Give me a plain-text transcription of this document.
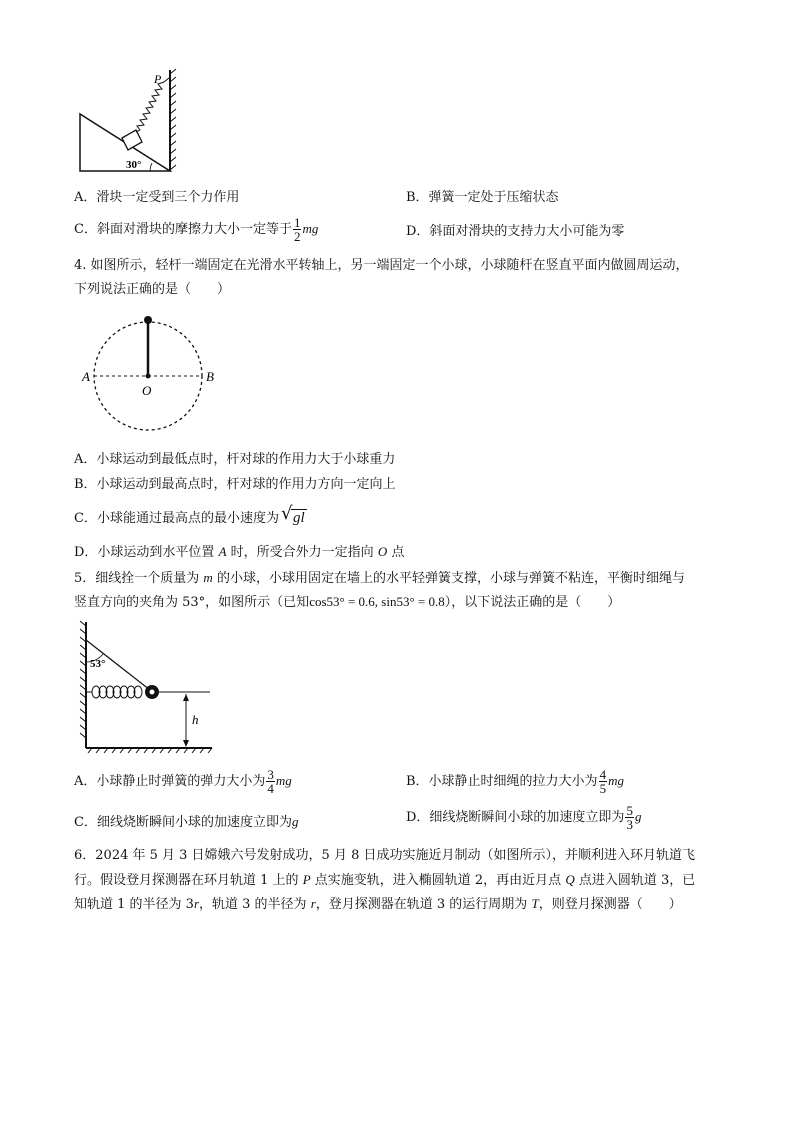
P
30°
A．滑块一定受到三个力作用	B．弹簧一定处于压缩状态
C．斜面对滑块的摩擦力大小一定等于 $\frac{1}{2}$ mg	D．斜面对滑块的支持力大小可能为零
4. 如图所示，轻杆一端固定在光滑水平转轴上，另一端固定一个小球，小球随杆在竖直平面内做圆周运动，
下列说法正确的是（　　）
A
O
B
A．小球运动到最低点时，杆对球的作用力大于小球重力
B．小球运动到最高点时，杆对球的作用力方向一定向上
C．小球能通过最高点的最小速度为 √ gl
D．小球运动到水平位置 A 时，所受合外力一定指向 O 点
5．细线拴一个质量为 m 的小球，小球用固定在墙上的水平轻弹簧支撑，小球与弹簧不粘连，平衡时细绳与
竖直方向的夹角为 53°，如图所示（已知cos53° = 0.6, sin53° = 0.8），以下说法正确的是（　　）
53°
h
A．小球静止时弹簧的弹力大小为 $\frac{3}{4}$ mg	B．小球静止时细绳的拉力大小为 $\frac{4}{5}$ mg
C．细线烧断瞬间小球的加速度立即为g	D．细线烧断瞬间小球的加速度立即为 $\frac{5}{3}$ g
6．2024 年 5 月 3 日嫦娥六号发射成功，5 月 8 日成功实施近月制动（如图所示），并顺利进入环月轨道飞
行。假设登月探测器在环月轨道 1 上的 P 点实施变轨，进入椭圆轨道 2，再由近月点 Q 点进入圆轨道 3，已
知轨道 1 的半径为 3r，轨道 3 的半径为 r，登月探测器在轨道 3 的运行周期为 T，则登月探测器（　　）
